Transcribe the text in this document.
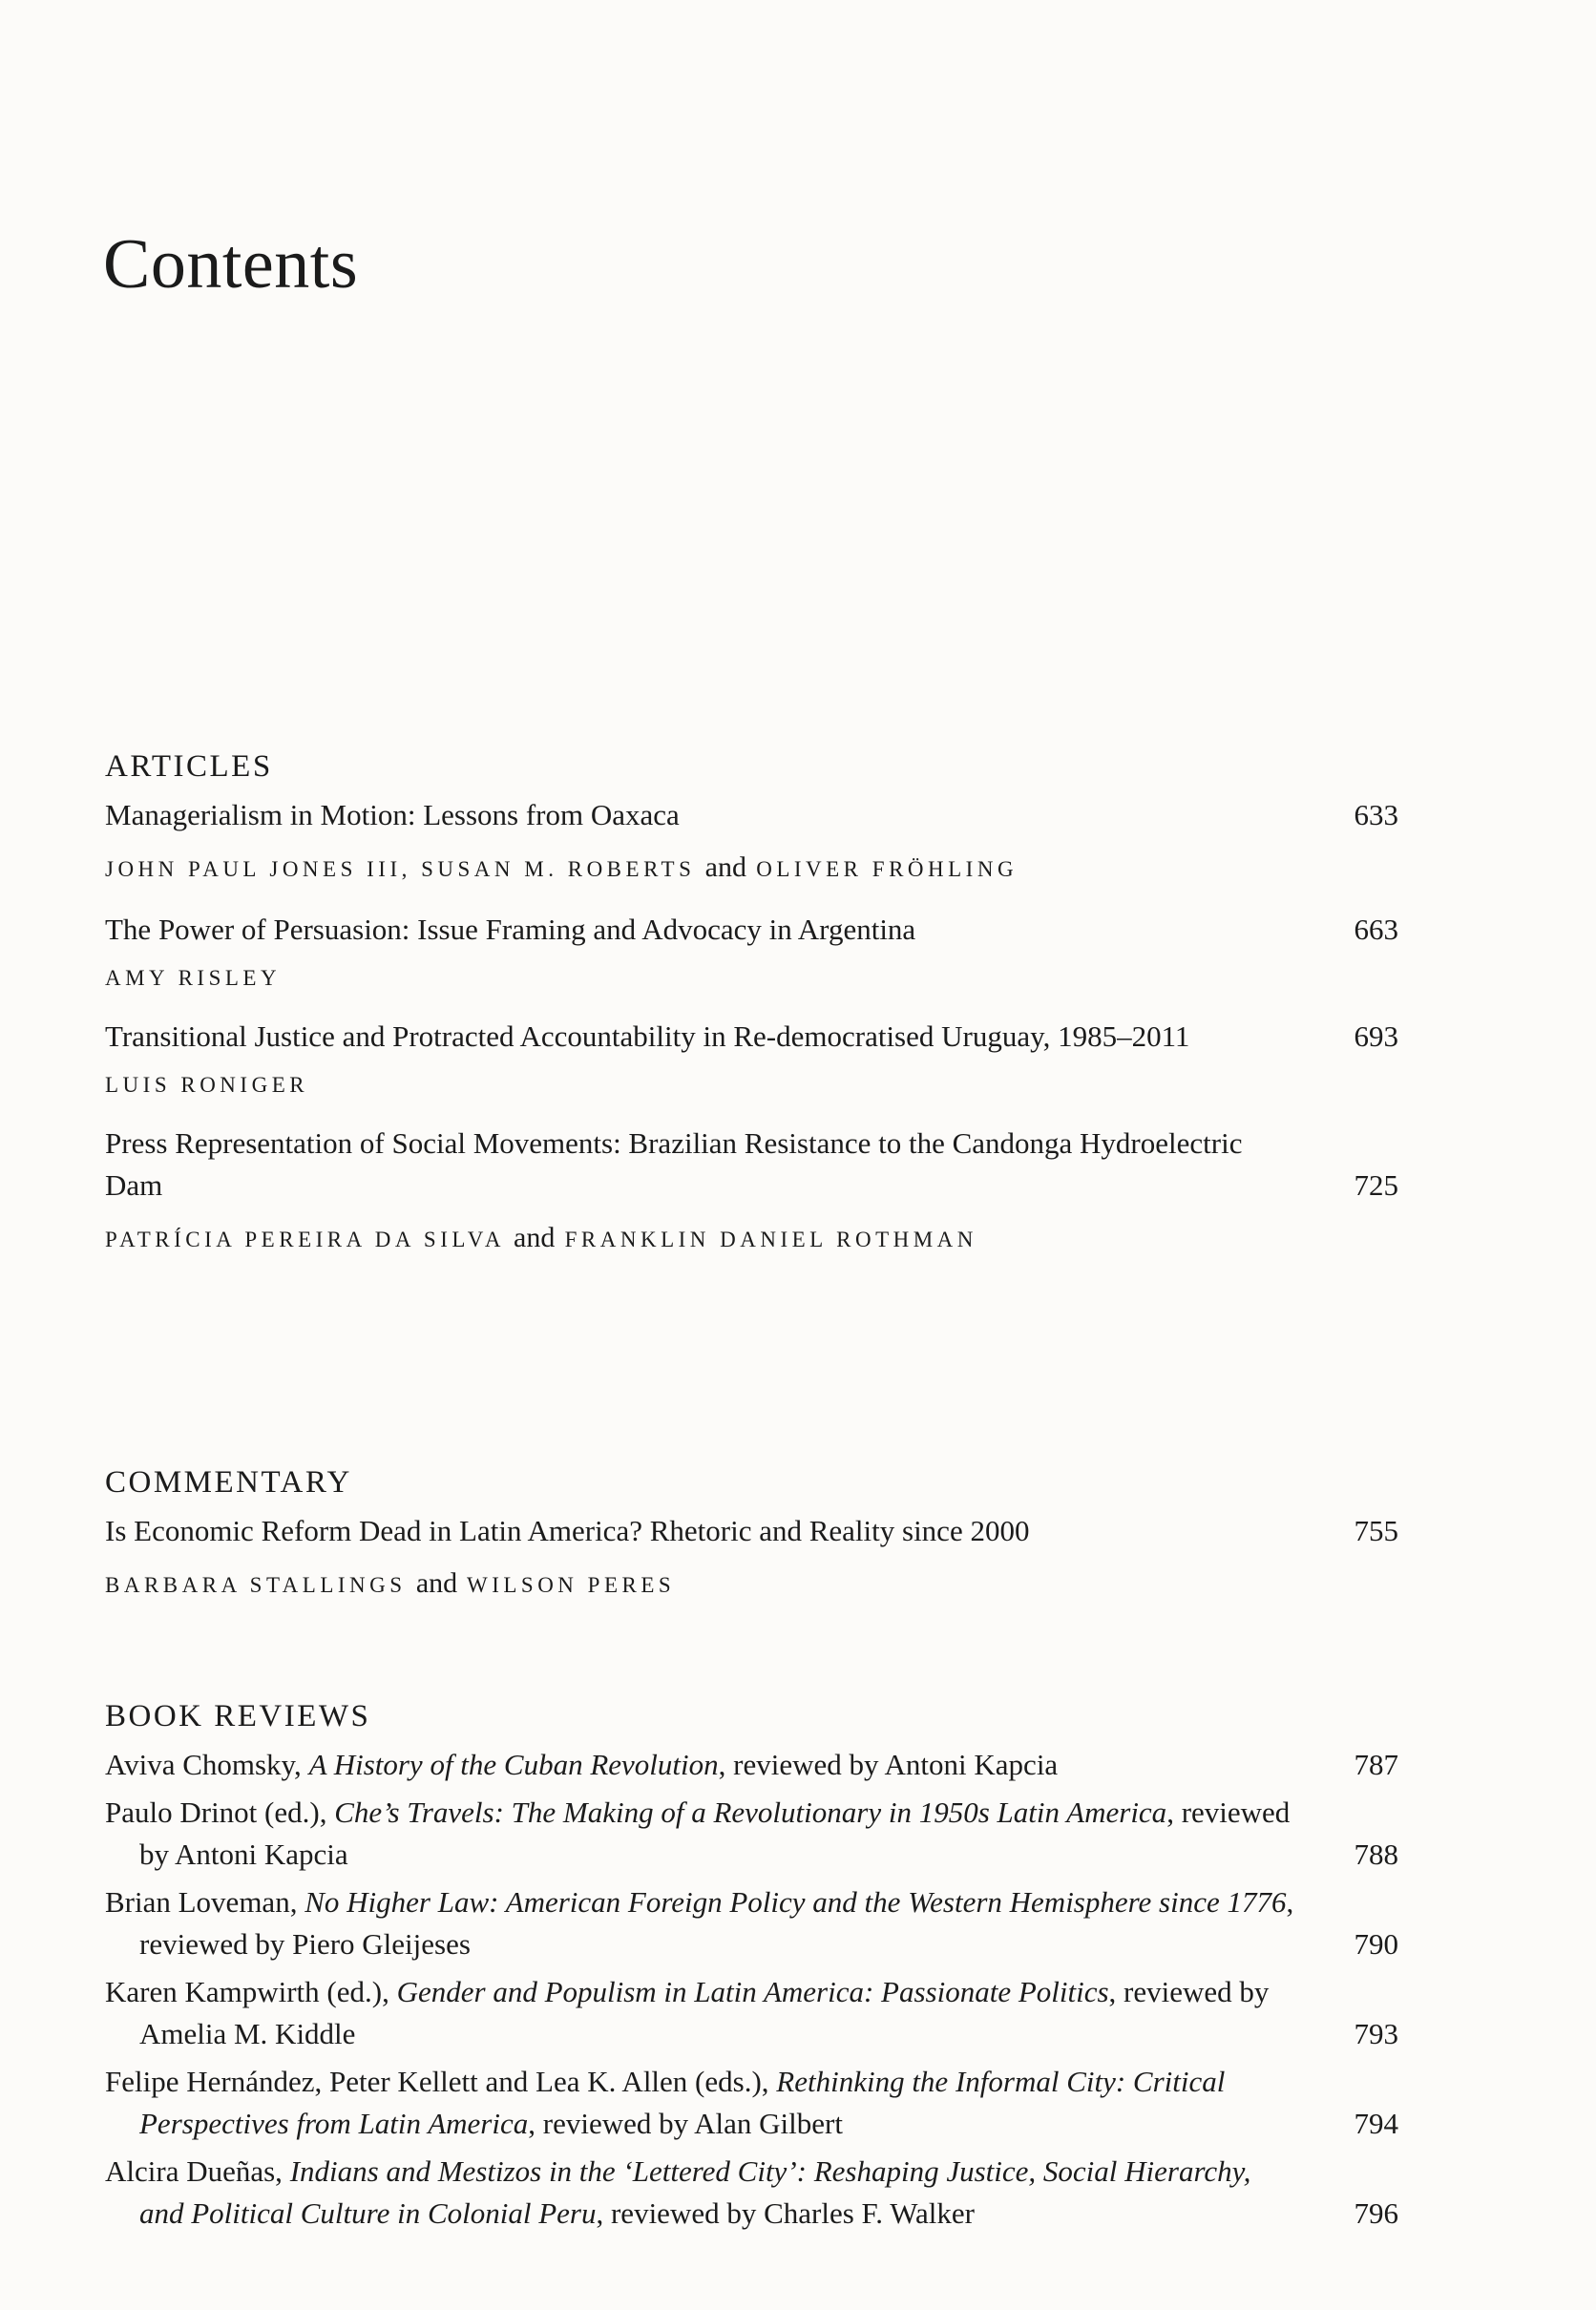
Contents
ARTICLES
Managerialism in Motion: Lessons from Oaxaca	633
JOHN PAUL JONES III, SUSAN M. ROBERTS and OLIVER FRÖHLING
The Power of Persuasion: Issue Framing and Advocacy in Argentina	663
AMY RISLEY
Transitional Justice and Protracted Accountability in Re-democratised Uruguay, 1985–2011	693
LUIS RONIGER
Press Representation of Social Movements: Brazilian Resistance to the Candonga Hydroelectric Dam	725
PATRÍCIA PEREIRA DA SILVA and FRANKLIN DANIEL ROTHMAN
COMMENTARY
Is Economic Reform Dead in Latin America? Rhetoric and Reality since 2000	755
BARBARA STALLINGS and WILSON PERES
BOOK REVIEWS
Aviva Chomsky, A History of the Cuban Revolution, reviewed by Antoni Kapcia	787
Paulo Drinot (ed.), Che’s Travels: The Making of a Revolutionary in 1950s Latin America, reviewed by Antoni Kapcia	788
Brian Loveman, No Higher Law: American Foreign Policy and the Western Hemisphere since 1776, reviewed by Piero Gleijeses	790
Karen Kampwirth (ed.), Gender and Populism in Latin America: Passionate Politics, reviewed by Amelia M. Kiddle	793
Felipe Hernández, Peter Kellett and Lea K. Allen (eds.), Rethinking the Informal City: Critical Perspectives from Latin America, reviewed by Alan Gilbert	794
Alcira Dueñas, Indians and Mestizos in the ‘Lettered City’: Reshaping Justice, Social Hierarchy, and Political Culture in Colonial Peru, reviewed by Charles F. Walker	796
